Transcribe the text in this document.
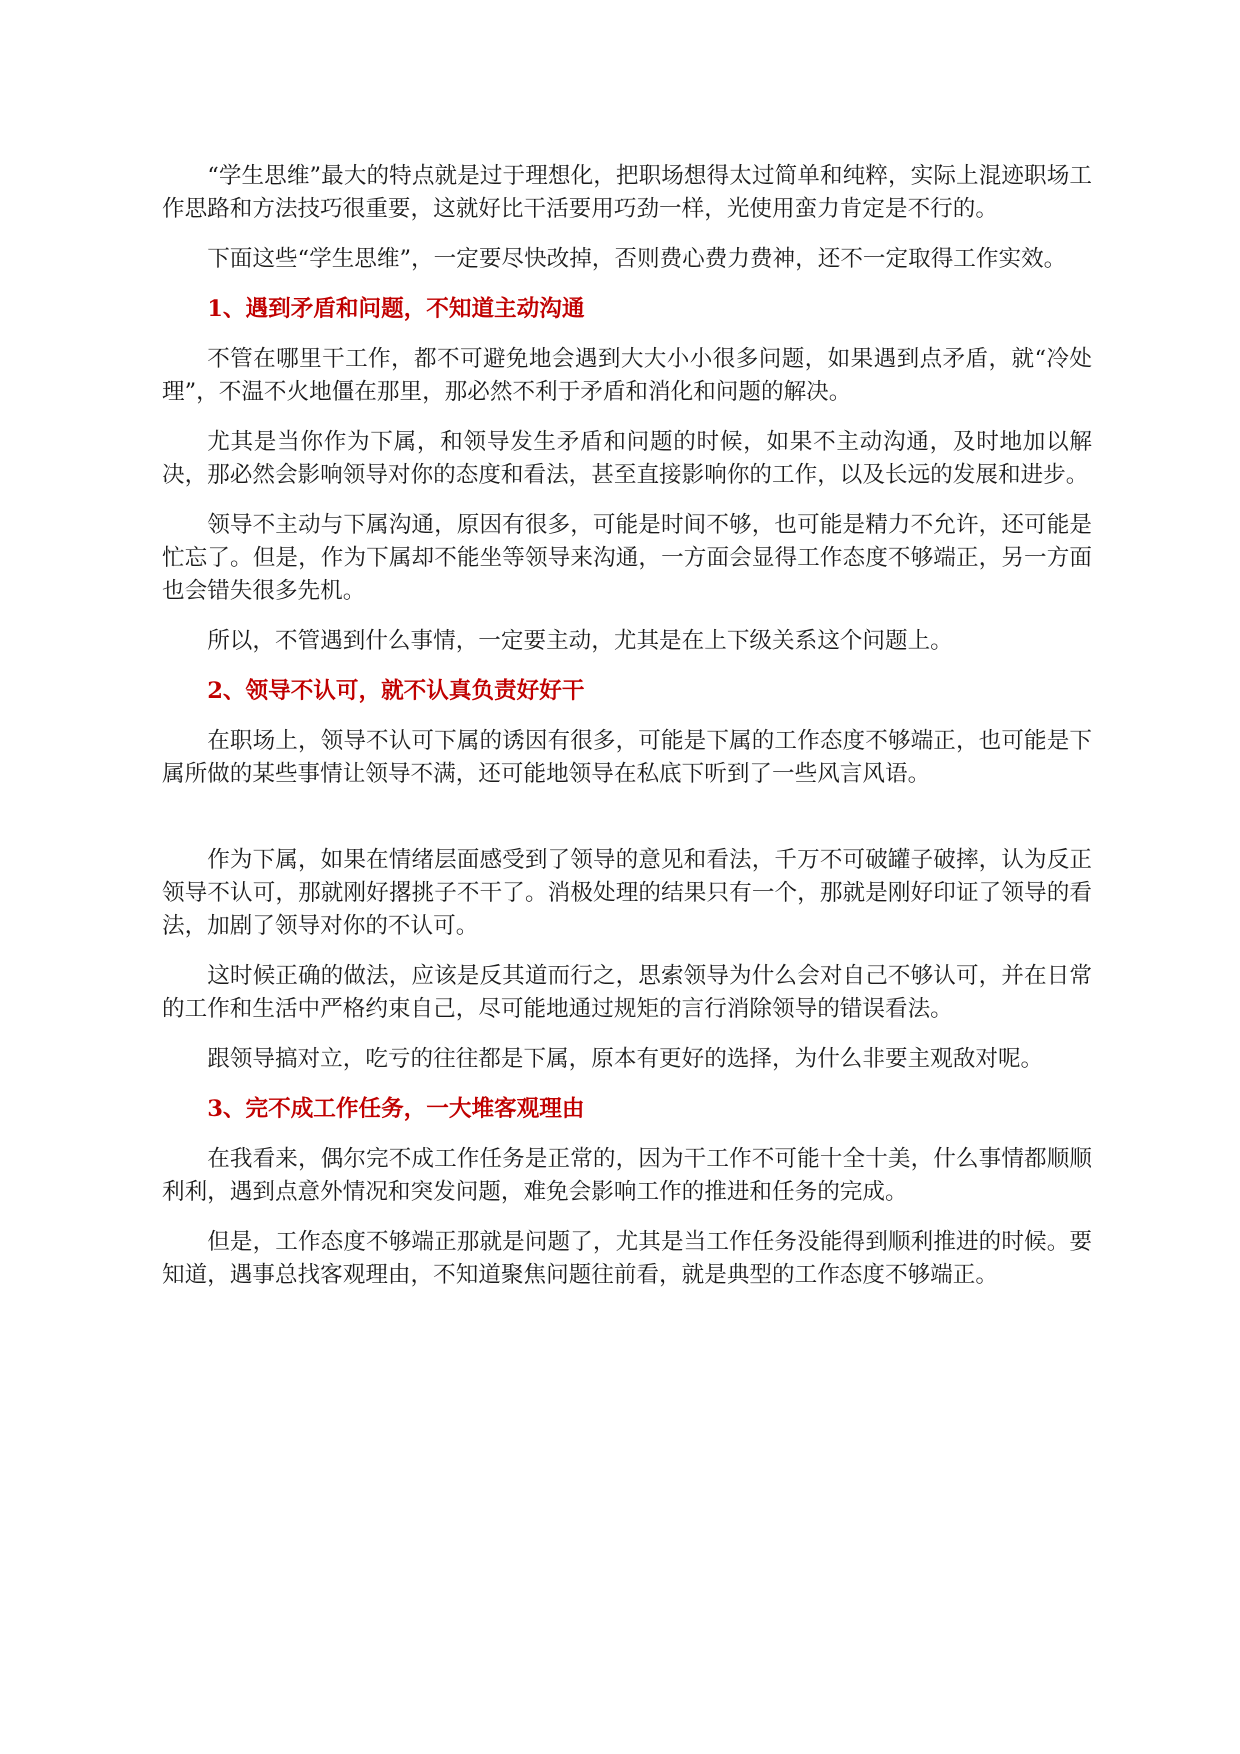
“学生思维”最大的特点就是过于理想化，把职场想得太过简单和纯粹，实际上混迹职场工作思路和方法技巧很重要，这就好比干活要用巧劲一样，光使用蛮力肯定是不行的。

下面这些“学生思维”，一定要尽快改掉，否则费心费力费神，还不一定取得工作实效。

1、遇到矛盾和问题，不知道主动沟通

不管在哪里干工作，都不可避免地会遇到大大小小很多问题，如果遇到点矛盾，就“冷处理”，不温不火地僵在那里，那必然不利于矛盾和消化和问题的解决。

尤其是当你作为下属，和领导发生矛盾和问题的时候，如果不主动沟通，及时地加以解决，那必然会影响领导对你的态度和看法，甚至直接影响你的工作，以及长远的发展和进步。

领导不主动与下属沟通，原因有很多，可能是时间不够，也可能是精力不允许，还可能是忙忘了。但是，作为下属却不能坐等领导来沟通，一方面会显得工作态度不够端正，另一方面也会错失很多先机。

所以，不管遇到什么事情，一定要主动，尤其是在上下级关系这个问题上。

2、领导不认可，就不认真负责好好干

在职场上，领导不认可下属的诱因有很多，可能是下属的工作态度不够端正，也可能是下属所做的某些事情让领导不满，还可能地领导在私底下听到了一些风言风语。

作为下属，如果在情绪层面感受到了领导的意见和看法，千万不可破罐子破摔，认为反正领导不认可，那就刚好撂挑子不干了。消极处理的结果只有一个，那就是刚好印证了领导的看法，加剧了领导对你的不认可。

这时候正确的做法，应该是反其道而行之，思索领导为什么会对自己不够认可，并在日常的工作和生活中严格约束自己，尽可能地通过规矩的言行消除领导的错误看法。

跟领导搞对立，吃亏的往往都是下属，原本有更好的选择，为什么非要主观敌对呢。

3、完不成工作任务，一大堆客观理由

在我看来，偶尔完不成工作任务是正常的，因为干工作不可能十全十美，什么事情都顺顺利利，遇到点意外情况和突发问题，难免会影响工作的推进和任务的完成。

但是，工作态度不够端正那就是问题了，尤其是当工作任务没能得到顺利推进的时候。要知道，遇事总找客观理由，不知道聚焦问题往前看，就是典型的工作态度不够端正。
